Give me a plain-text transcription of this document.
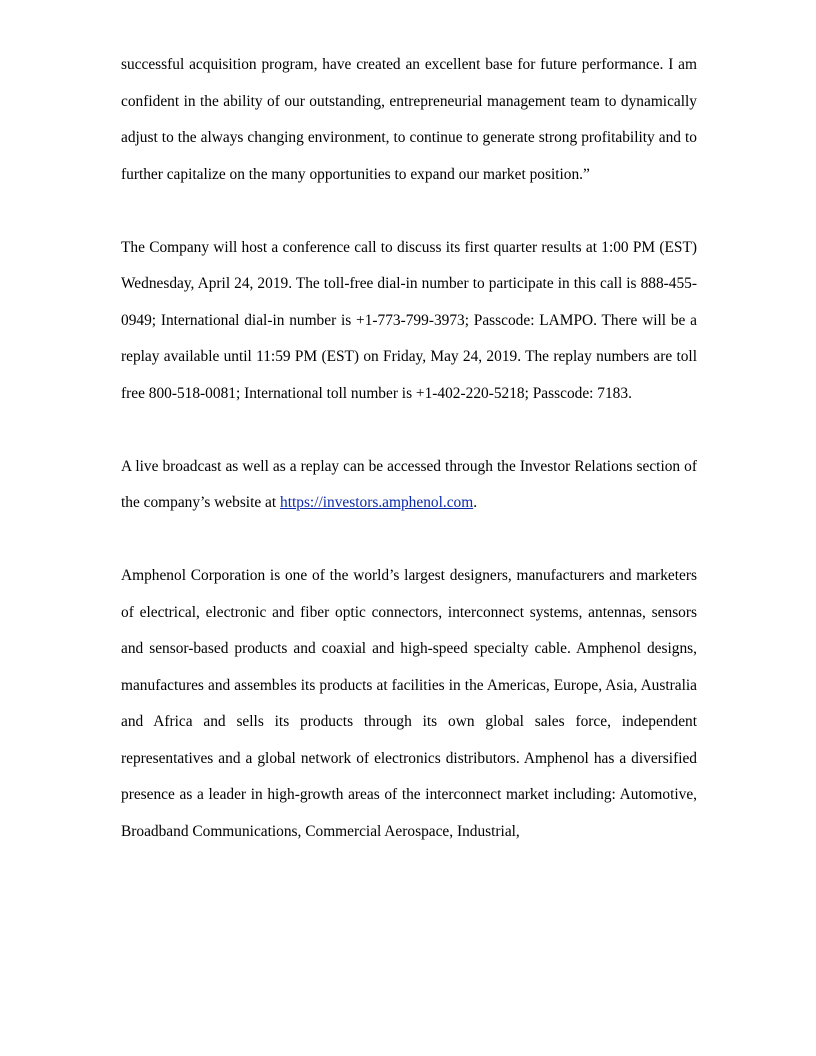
successful acquisition program, have created an excellent base for future performance. I am confident in the ability of our outstanding, entrepreneurial management team to dynamically adjust to the always changing environment, to continue to generate strong profitability and to further capitalize on the many opportunities to expand our market position.”

The Company will host a conference call to discuss its first quarter results at 1:00 PM (EST) Wednesday, April 24, 2019. The toll-free dial-in number to participate in this call is 888-455-0949; International dial-in number is +1-773-799-3973; Passcode: LAMPO. There will be a replay available until 11:59 PM (EST) on Friday, May 24, 2019. The replay numbers are toll free 800-518-0081; International toll number is +1-402-220-5218; Passcode: 7183.

A live broadcast as well as a replay can be accessed through the Investor Relations section of the company’s website at https://investors.amphenol.com.

Amphenol Corporation is one of the world’s largest designers, manufacturers and marketers of electrical, electronic and fiber optic connectors, interconnect systems, antennas, sensors and sensor-based products and coaxial and high-speed specialty cable. Amphenol designs, manufactures and assembles its products at facilities in the Americas, Europe, Asia, Australia and Africa and sells its products through its own global sales force, independent representatives and a global network of electronics distributors. Amphenol has a diversified presence as a leader in high-growth areas of the interconnect market including: Automotive, Broadband Communications, Commercial Aerospace, Industrial,
